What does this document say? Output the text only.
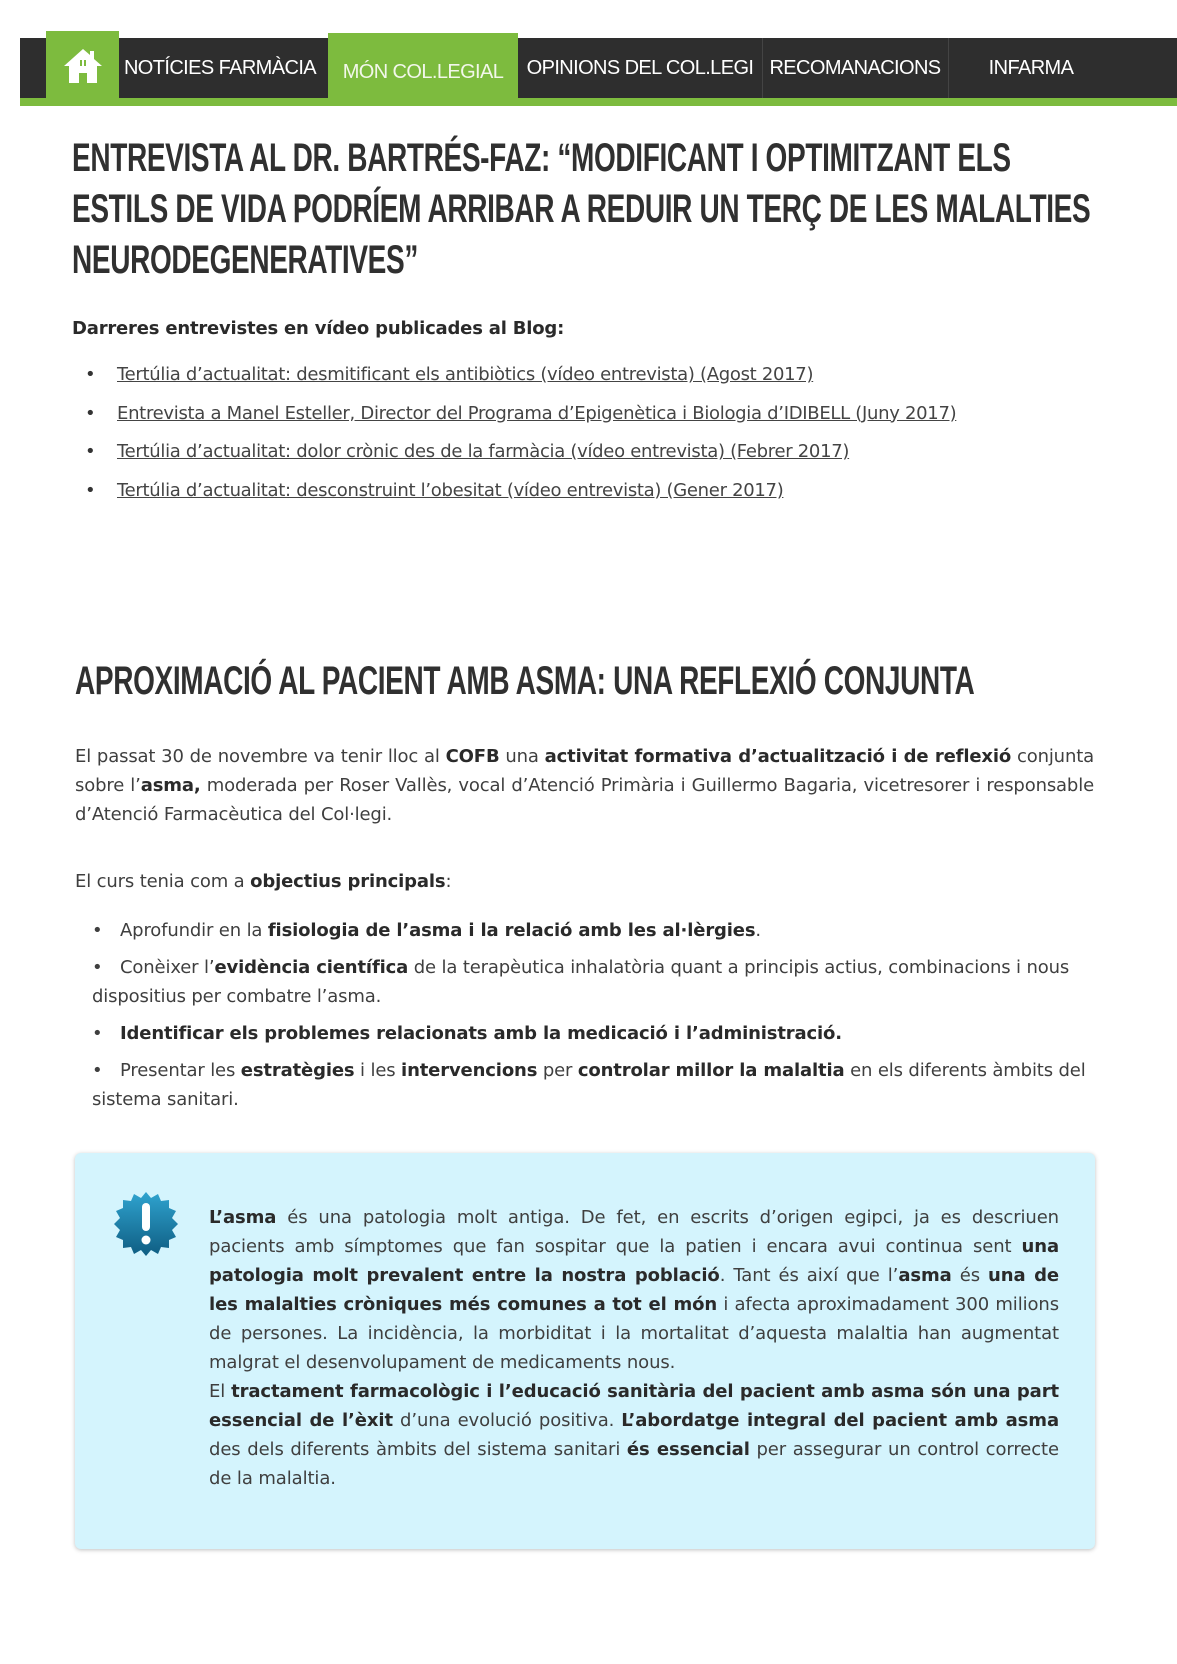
NOTÍCIES FARMÀCIA	MÓN COL.LEGIAL	OPINIONS DEL COL.LEGI RECOMANACIONS	INFARMA
ENTREVISTA AL DR. BARTRÉS-FAZ: “MODIFICANT I OPTIMITZANT ELS
ESTILS DE VIDA PODRÍEM ARRIBAR A REDUIR UN TERÇ DE LES MALALTIES
NEURODEGENERATIVES”
Darreres entrevistes en vídeo publicades al Blog:
• Tertúlia d’actualitat: desmitificant els antibiòtics (vídeo entrevista) (Agost 2017)
• Entrevista a Manel Esteller, Director del Programa d’Epigenètica i Biologia d’IDIBELL (Juny 2017)
• Tertúlia d’actualitat: dolor crònic des de la farmàcia (vídeo entrevista) (Febrer 2017)
• Tertúlia d’actualitat: desconstruint l’obesitat (vídeo entrevista) (Gener 2017)
APROXIMACIÓ AL PACIENT AMB ASMA: UNA REFLEXIÓ CONJUNTA

El passat 30 de novembre va tenir lloc al COFB una activitat formativa d’actualització i de reflexió conjunta sobre l’asma, moderada per Roser Vallès, vocal d’Atenció Primària i Guillermo Bagaria, vicetresorer i responsable d’Atenció Farmacèutica del Col·legi.

El curs tenia com a objectius principals:

• Aprofundir en la fisiologia de l’asma i la relació amb les al·lèrgies.
• Conèixer l’evidència científica de la terapèutica inhalatòria quant a principis actius, combinacions i nous dispositius per combatre l’asma.
• Identificar els problemes relacionats amb la medicació i l’administració.
• Presentar les estratègies i les intervencions per controlar millor la malaltia en els diferents àmbits del sistema sanitari.
L’asma és una patologia molt antiga. De fet, en escrits d’origen egipci, ja es descriuen pacients amb símptomes que fan sospitar que la patien i encara avui continua sent una patologia molt prevalent entre la nostra població. Tant és així que l’asma és una de les malalties cròniques més comunes a tot el món i afecta aproximadament 300 milions de persones. La incidència, la morbiditat i la mortalitat d’aquesta malaltia han augmentat malgrat el desenvolupament de medicaments nous.
El tractament farmacològic i l’educació sanitària del pacient amb asma són una part essencial de l’èxit d’una evolució positiva. L’abordatge integral del pacient amb asma des dels diferents àmbits del sistema sanitari és essencial per assegurar un control correcte de la malaltia.
